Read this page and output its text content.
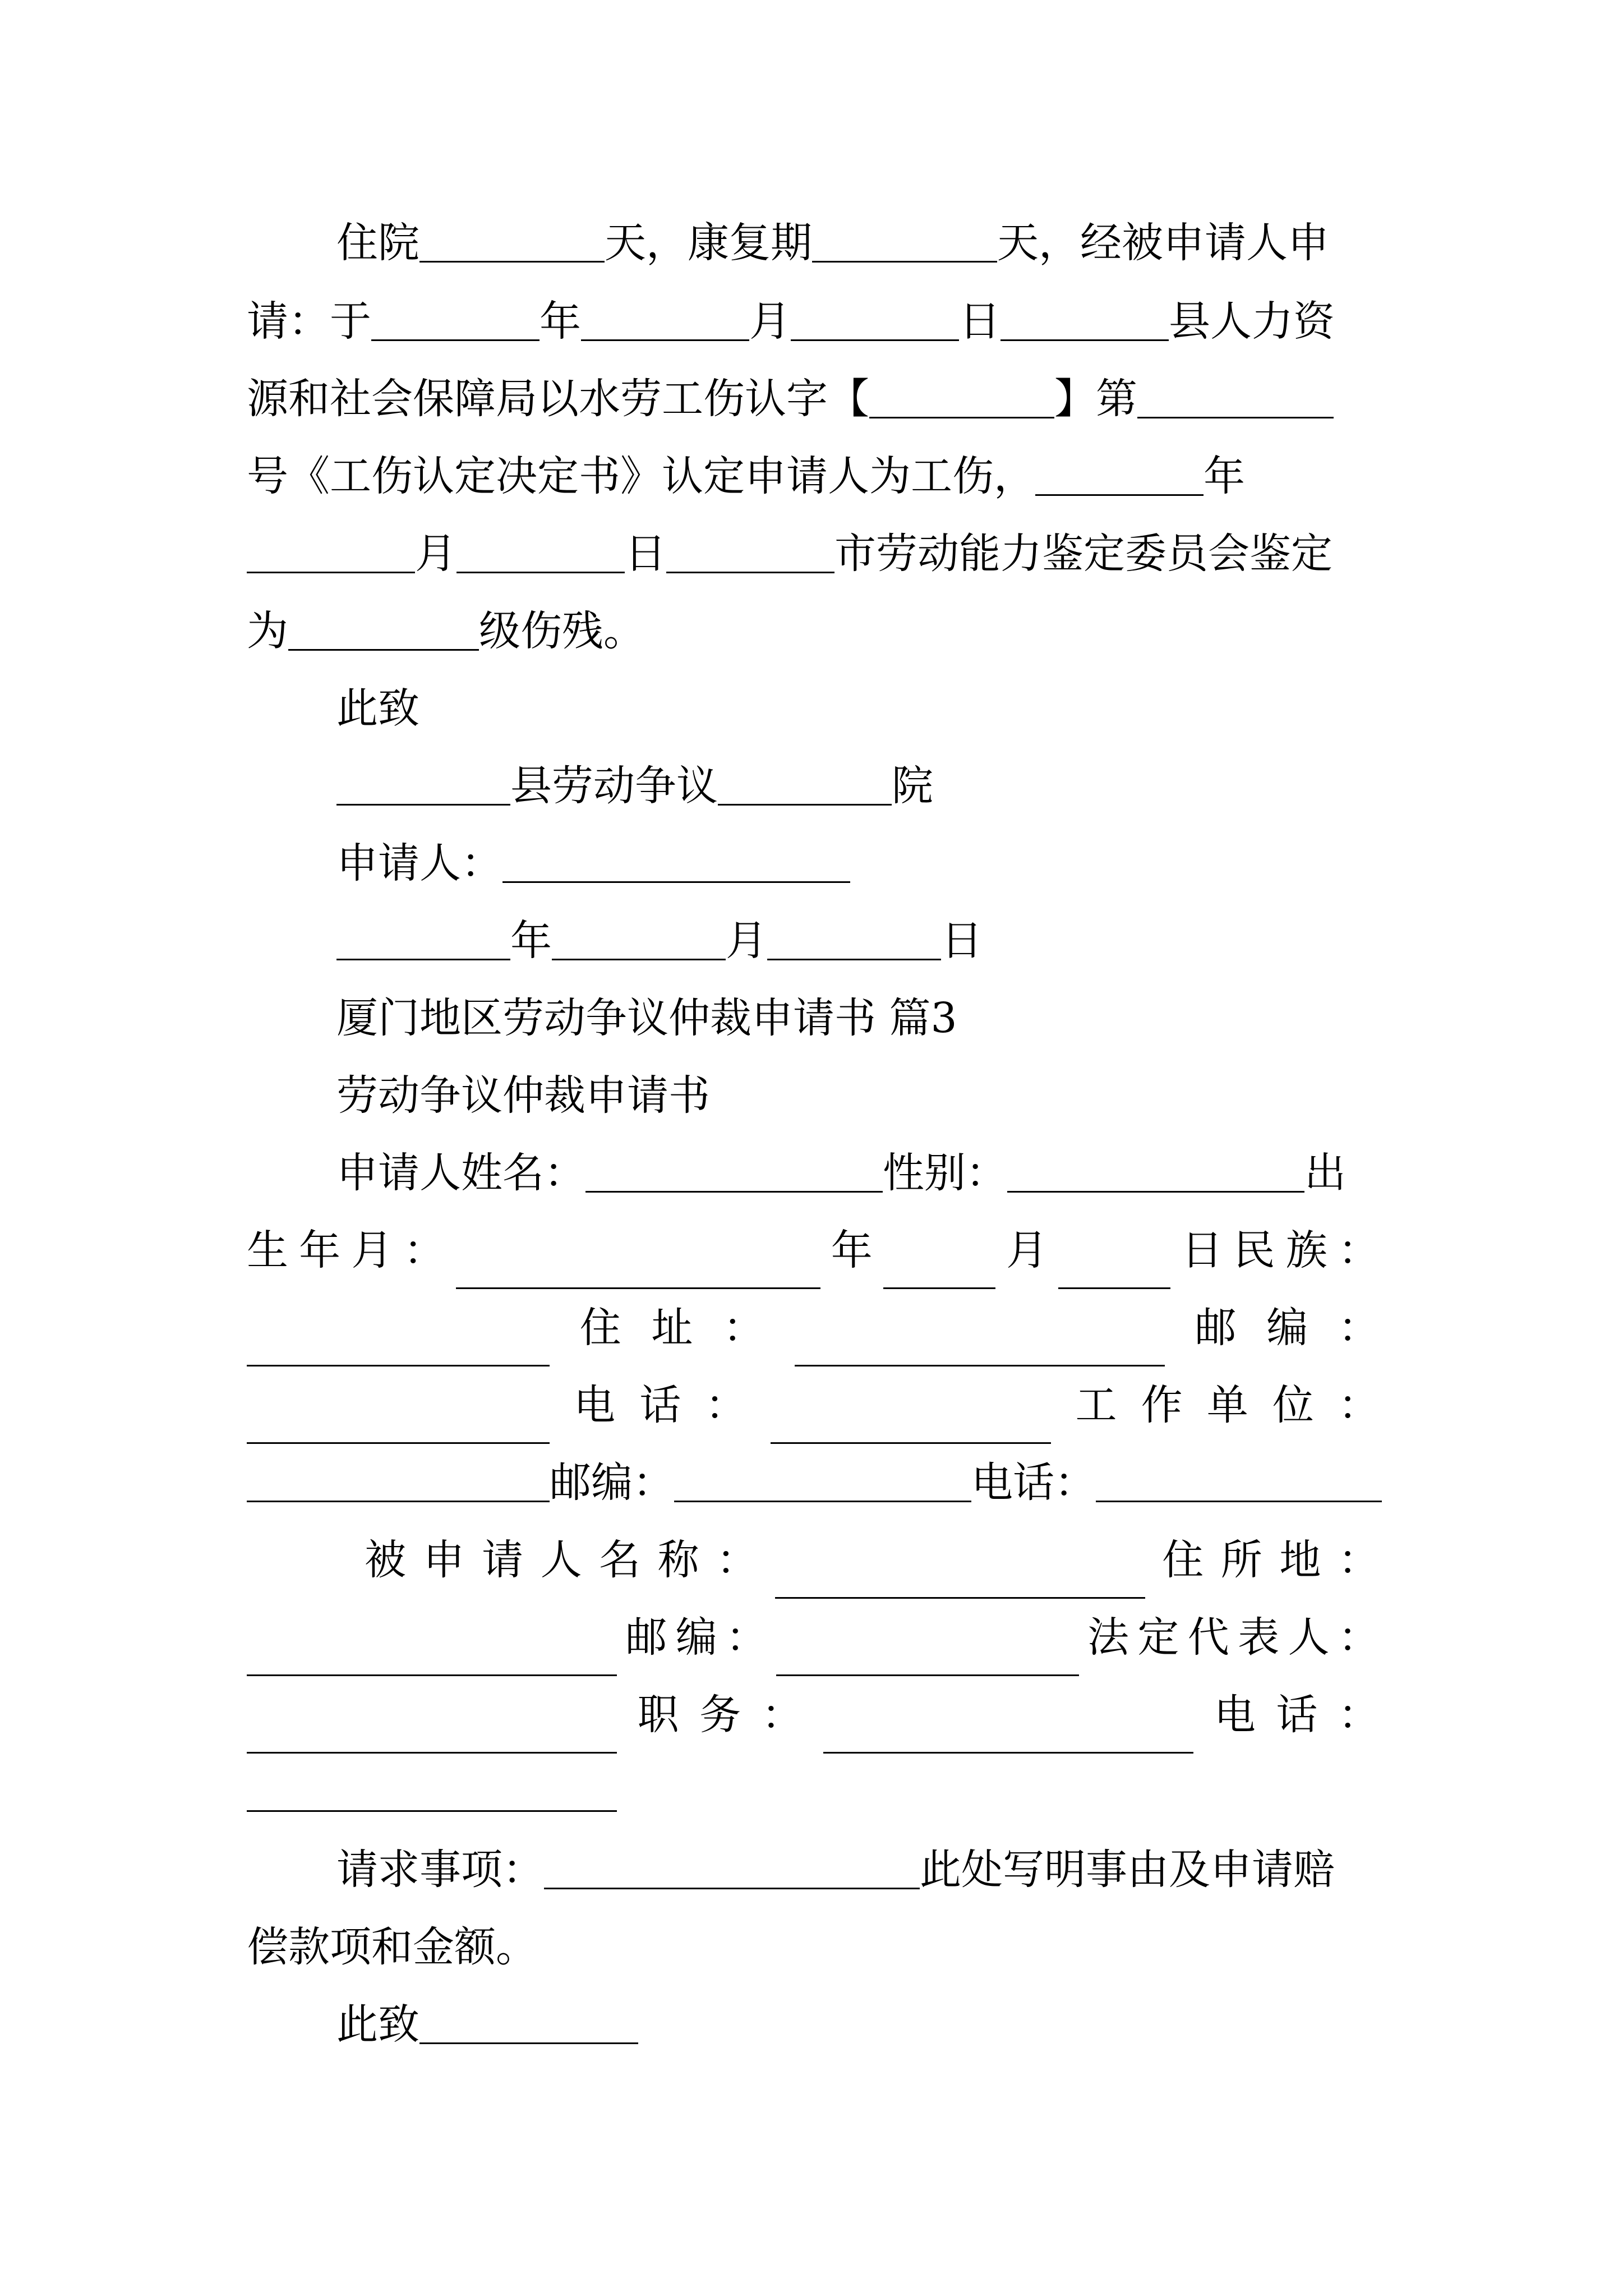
住院	天，康复期	天，经被申请人申
请：于	年	月	日	县人力资
源和社会保障局以水劳工伤认字【	】第
号《工伤认定决定书》认定申请人为工伤，	年
月	日	市劳动能力鉴定委员会鉴定
为	级伤残。
此致
县劳动争议	院
申请人：
年	月	日
厦门地区劳动争议仲裁申请书 篇3
劳动争议仲裁申请书
申请人姓名：	性别：	出
生 年 月 ：	年	月	日 民 族 ：
住 址 ：	邮 编 ：
电 话 ：	工 作 单 位 ：
邮编：	电话：
被 申 请 人 名 称 ：	住 所 地 ：
邮 编 ：	法 定 代 表 人 ：
职 务 ：	电 话 ：
请求事项：	此处写明事由及申请赔
偿款项和金额。
此致
